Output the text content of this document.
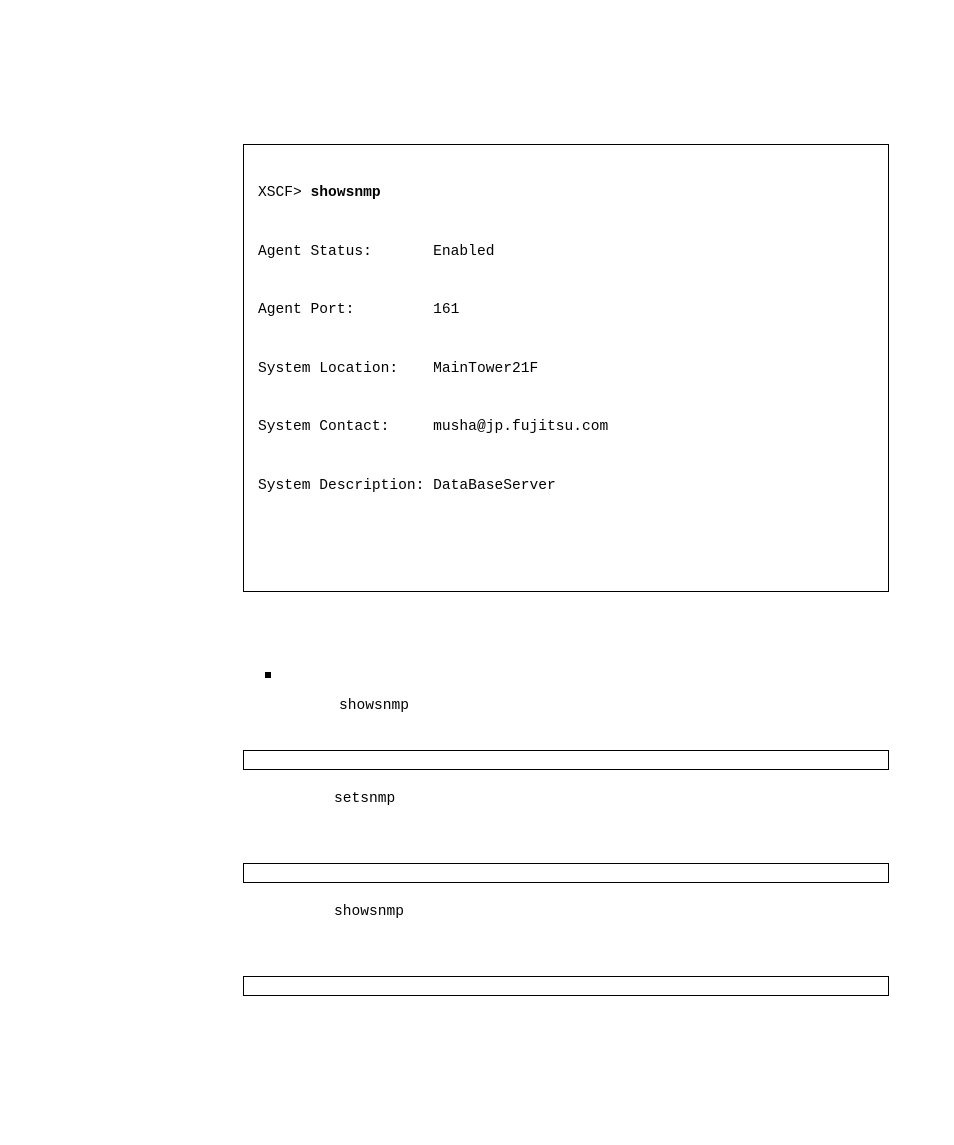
XSCF> showsnmp

Agent Status:       Enabled

Agent Port:         161

System Location:    MainTower21F

System Contact:     musha@jp.fujitsu.com

System Description: DataBaseServer

showsnmp

setsnmp

showsnmp
